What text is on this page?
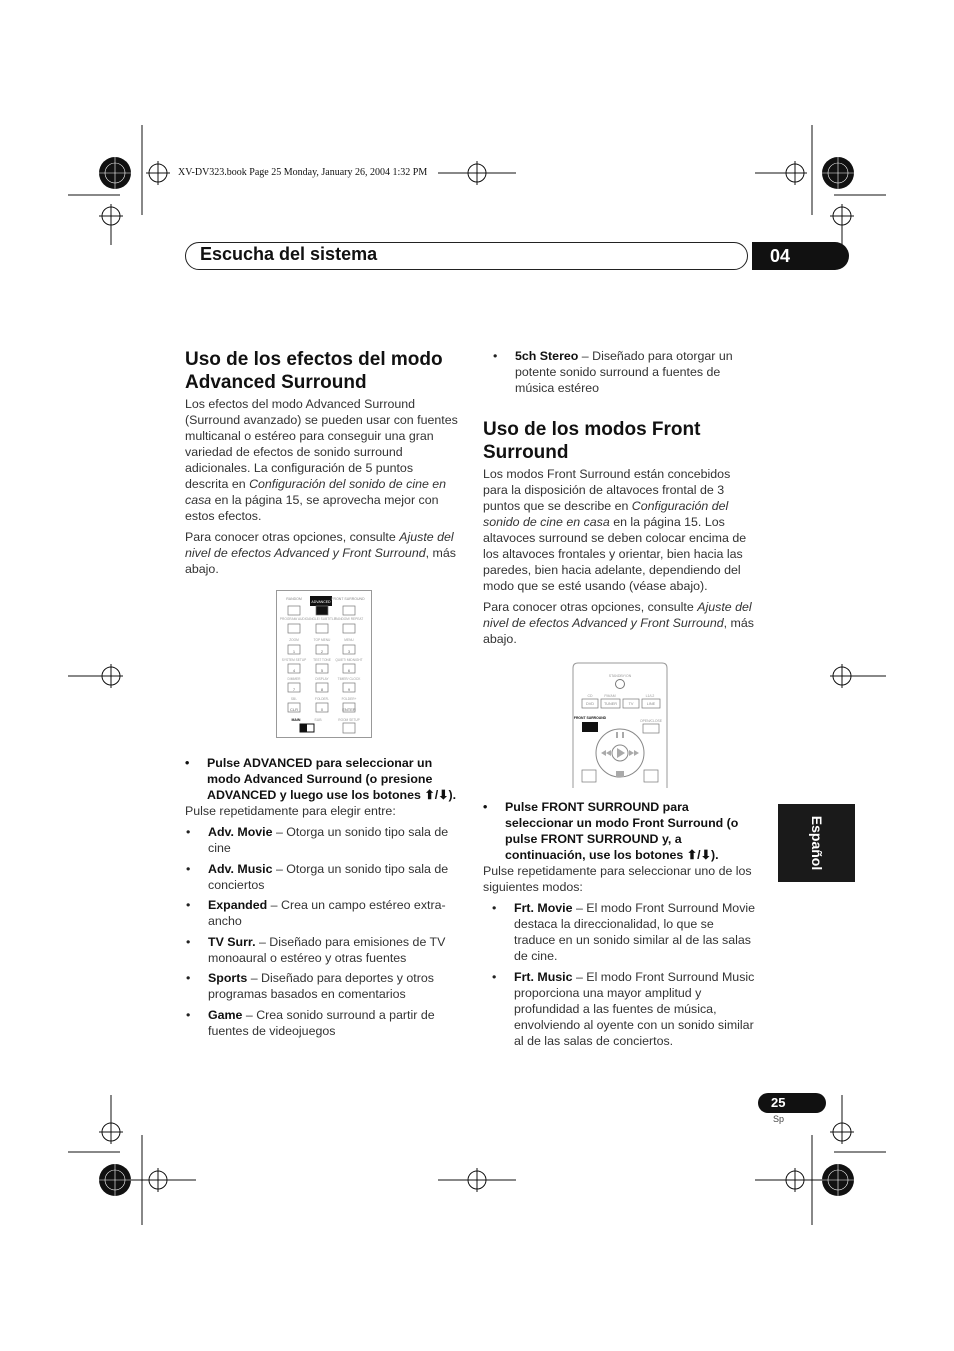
XV-DV323.book Page 25 Monday, January 26, 2004 1:32 PM
Escucha del sistema	04
Uso de los efectos del modo Advanced Surround

Los efectos del modo Advanced Surround (Surround avanzado) se pueden usar con fuentes multicanal o estéreo para conseguir una gran variedad de efectos de sonido surround adicionales. La configuración de 5 puntos descrita en Configuración del sonido de cine en casa en la página 15, se aprovecha mejor con estos efectos.

Para conocer otras opciones, consulte Ajuste del nivel de efectos Advanced y Front Surround, más abajo.

RANDOM
ADVANCED
FRONT SURROUND
PROGRAM/ AUDIO ANGLE/ SUBTITLE
RANDOM/ REPEAT
ZOOM	TOP MENU	MENU
SYSTEM SETUP TEST TONE QUIET/ MIDNIGHT
DIMMER	DISPLAY	TIMER/ CLOCK
SB/-	FOLDER-	FOLDER+
ROOM SETUP
1	2	3
4	5	6
7	8	9
CLR	0	ENTER
MAIN	SUB
• Pulse ADVANCED para seleccionar un modo Advanced Surround (o presione ADVANCED y luego use los botones ⬆/⬇).

Pulse repetidamente para elegir entre:

• Adv. Movie – Otorga un sonido tipo sala de cine
• Adv. Music – Otorga un sonido tipo sala de conciertos
• Expanded – Crea un campo estéreo extra-ancho
• TV Surr. – Diseñado para emisiones de TV monoaural o estéreo y otras fuentes
• Sports – Diseñado para deportes y otros programas basados en comentarios
• Game – Crea sonido surround a partir de fuentes de videojuegos
• 5ch Stereo – Diseñado para otorgar un potente sonido surround a fuentes de música estéreo
Uso de los modos Front Surround

Los modos Front Surround están concebidos para la disposición de altavoces frontal de 3 puntos que se describe en Configuración del sonido de cine en casa en la página 15. Los altavoces surround se deben colocar encima de los altavoces frontales y orientar, bien hacia las paredes, bien hacia adelante, dependiendo del modo que se esté usando (véase abajo).

Para conocer otras opciones, consulte Ajuste del nivel de efectos Advanced y Front Surround, más abajo.

STANDBY/ON
CD	FM/AM	L1/L2
DVD	TUNER	TV	LINE
FRONT SURROUND
OPEN/CLOSE
• Pulse FRONT SURROUND para seleccionar un modo Front Surround (o pulse FRONT SURROUND y, a continuación, use los botones ⬆/⬇).

Pulse repetidamente para seleccionar uno de los siguientes modos:

• Frt. Movie – El modo Front Surround Movie destaca la direccionalidad, lo que se traduce en un sonido similar al de las salas de cine.
• Frt. Music – El modo Front Surround Music proporciona una mayor amplitud y profundidad a las fuentes de música, envolviendo al oyente con un sonido similar al de las salas de conciertos.
Español
25
Sp
